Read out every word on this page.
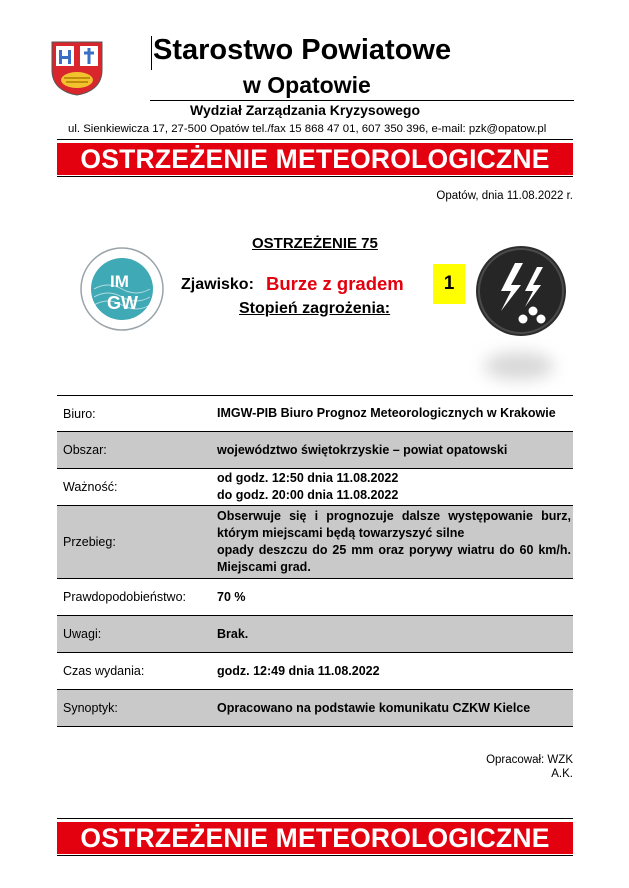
Starostwo Powiatowe
w Opatowie
Wydział Zarządzania Kryzysowego
ul. Sienkiewicza 17, 27-500 Opatów tel./fax 15 868 47 01, 607 350 396, e-mail: pzk@opatow.pl
OSTRZEŻENIE METEOROLOGICZNE
Opatów, dnia 11.08.2022 r.
IM
GW
OSTRZEŻENIE 75
Zjawisko: Burze z gradem	1
Stopień zagrożenia:
Biuro:	IMGW-PIB Biuro Prognoz Meteorologicznych w Krakowie
Obszar:	województwo świętokrzyskie – powiat opatowski
Ważność:
od godz. 12:50 dnia 11.08.2022
do godz. 20:00 dnia 11.08.2022
Przebieg:
Obserwuje się i prognozuje dalsze występowanie burz, którym miejscami będą towarzyszyć silne
opady deszczu do 25 mm oraz porywy wiatru do 60 km/h. Miejscami grad.
Prawdopodobieństwo:	70 %
Uwagi:	Brak.
Czas wydania:	godz. 12:49 dnia 11.08.2022
Synoptyk:	Opracowano na podstawie komunikatu CZKW Kielce
Opracował: WZK
A.K.
OSTRZEŻENIE METEOROLOGICZNE
